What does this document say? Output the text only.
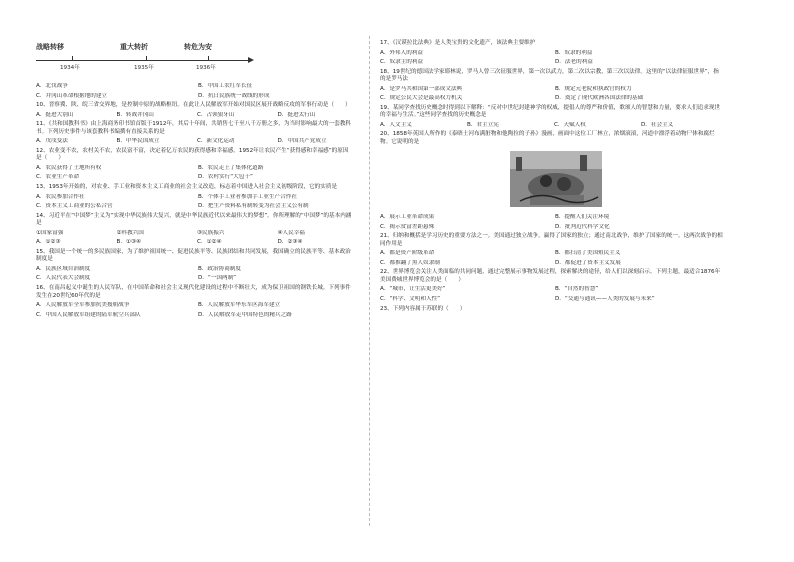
战略转移	重大转折	转危为安
1934年	1935年	1936年
A．北伐战争	B．中国工农红军长征
C．井冈山革命根据地的建立	D．抗日民族统一战线的形成
10、晋察冀、陕、皖三省交界地，是控制中原的战略枢纽。在此让人民解放军开始对国民区展开战略反攻的军事行动是（　　）
A．挺进大别山	B．转战井冈山	C．占领狼牙山	D．挺进太行山
11、《共和国教科书》由上海商务印书馆首版于1912年，其后十年间，共销售七千至八千万册之多，为当时影响最大的一套教科书。下列历史事件与该套教科书编撰有直接关系的是
A．戊戌变法	B．中华民国成立	C．新文化运动	D．中国共产党成立
12、农业变不农，农村关不农，农民富不富，决定着亿万农民的获得感和幸福感。1952年让农民产生“获得感和幸福感”的原因是（　　）
A．农民获得了土地所有权	B．农民走上了集体化道路
C．农业生产革命	D．农村实行“大包干”
13、1953年开始的，对农业、手工业和资本主义工商业的社会主义改造，标志着中国进入社会主义初级阶段，它的实质是
A．农民参加合作社	B．个体手工业者参加手工业生产合作社
C．资本主义工商业的公私合营	D．把生产资料私有制转变为社会主义公有制
14、习近平在“中国梦”主义为“实现中华民族伟大复兴，就是中华民族近代以来最伟大的梦想”。你所理解的“中国梦”的基本内涵是
①国家富强	②科教兴国	③民族振兴	④人民幸福
A．①②③	B．①③④	C．①②④	D．②③④
15、我国是一个统一的多民族国家，为了维护祖国统一、促进民族平等、民族团结和共同发展，我国确立的民族平等、基本政治制度是
A．民族区域自治制度	B．政治协商制度
C．人民代表大会制度	D．“一国两制”
16、在南昌起义中诞生的人民军队，在中国革命和社会主义现代化建设的过程中不断壮大，成为保卫祖国的钢铁长城。下列事件发生在20世纪60年代的是
A．人民解放军全军参加抗美援朝战争	B．人民解放军华东军区海军建立
C．中国人民解放军组建的陆军航空兵部队	D．人民解放军走中国特色的精兵之路
17、《汉谟拉比法典》是人类宝贵的文化遗产，该法典主要维护
A．外邦人的利益	B．奴隶的利益
C．奴隶主的利益	D．法老的利益
18、19世纪的德国法学家耶林说，罗马人曾三次征服世界，第一次以武力，第二次以宗教，第三次以法律。这里的“以法律征服世界”，指的是罗马法
A．是罗马共和国第一部成文法典	B．规定元老院和执政官的权力
C．规定公民大会是最高权力机关	D．奠定了现代欧洲各国法律的基础
19、某同学查找历史概念时得到以下解释：“反对中世纪封建神学的权威，提倡人的尊严和价值，歌颂人的智慧和力量，要求人们追求现世的幸福与生活。”这些同学查找的历史概念是
A．人文主义	B．君主立宪	C．天赋人权	D．社会主义
20、1858年英国人所作的《泰晤士河布满脏物和他陶拉的子孙》漫画，画面中这位工厂林立，浓烟滚滚，河道中漂浮着动物尸体和腐烂物。它说明的是
A．展示工业革命成果	B．提醒人们关注环境
C．揭示贫富差距悬殊	D．批判近代科学文化
21、归纳和概括是学习历史的重要方法之一。美国通过独立战争，赢得了国家的独立；通过南北战争，维护了国家的统一。这两次战争的相同作用是
A．都是资产阶级革命	B．都扫清了美国殖民主义
C．都推翻了黑人奴隶制	D．都促进了资本主义发展
22、世界博览会关注人类面临的共同问题，通过完整展示事物发展过程，探索解决的途径，给人们以深刻启示。下列主题，最适合1876年美国费城世界博览会的是（　　）
A．“城市，让生活更美好”	B．“自然的智慧”
C．“科学、文明和人性”	D．“交通与通讯——人类的发展与未来”
23、下列内容属于苏联的（　　）
